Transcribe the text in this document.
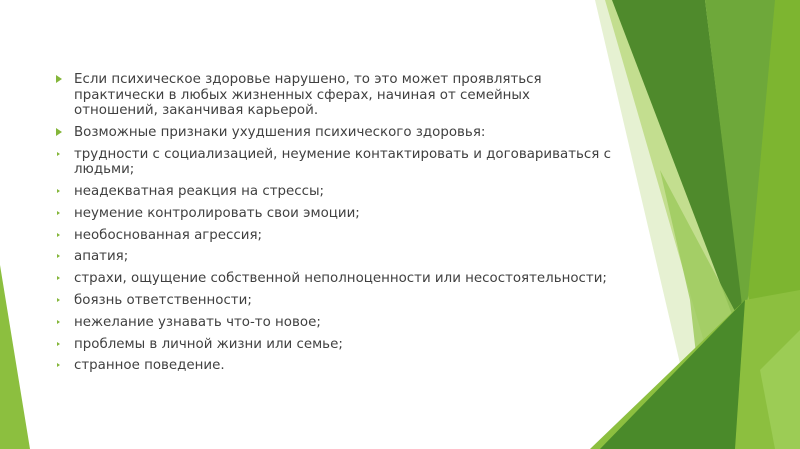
Если психическое здоровье нарушено, то это может проявляться практически в любых жизненных сферах, начиная от семейных отношений, заканчивая карьерой.
Возможные признаки ухудшения психического здоровья:
трудности с социализацией, неумение контактировать и договариваться с людьми;
неадекватная реакция на стрессы;
неумение контролировать свои эмоции;
необоснованная агрессия;
апатия;
страхи, ощущение собственной неполноценности или несостоятельности;
боязнь ответственности;
нежелание узнавать что-то новое;
проблемы в личной жизни или семье;
странное поведение.
